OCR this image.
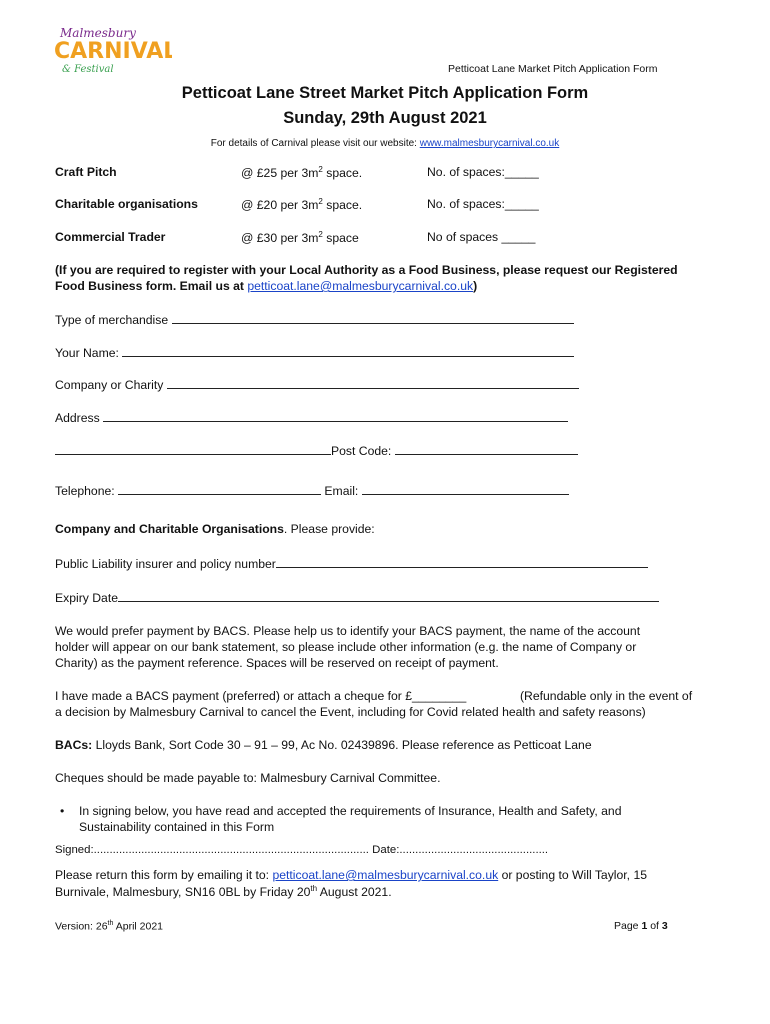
Malmesbury
CARNIVAL
& Festival	Petticoat Lane Market Pitch Application Form
Petticoat Lane Street Market Pitch Application Form
Sunday, 29th August 2021
For details of Carnival please visit our website: www.malmesburycarnival.co.uk
Craft Pitch	@ £25 per $3m^2$ space.	No. of spaces:_____
Charitable organisations	@ £20 per $3m^2$ space.	No. of spaces:_____
Commercial Trader	@ £30 per $3m^2$ space	No of spaces _____
(If you are required to register with your Local Authority as a Food Business, please request our Registered
Food Business form. Email us at petticoat.lane@malmesburycarnival.co.uk)
Type of merchandise
Your Name:
Company or Charity
Address
Post Code:
Telephone:	Email:
Company and Charitable Organisations. Please provide:
Public Liability insurer and policy number
Expiry Date
We would prefer payment by BACS. Please help us to identify your BACS payment, the name of the account
holder will appear on our bank statement, so please include other information (e.g. the name of Company or
Charity) as the payment reference. Spaces will be reserved on receipt of payment.
I have made a BACS payment (preferred) or attach a cheque for £________	(Refundable only in the event of
a decision by Malmesbury Carnival to cancel the Event, including for Covid related health and safety reasons)
BACs: Lloyds Bank, Sort Code 30 – 91 – 99, Ac No. 02439896. Please reference as Petticoat Lane
Cheques should be made payable to: Malmesbury Carnival Committee.
• In signing below, you have read and accepted the requirements of Insurance, Health and Safety, and
Sustainability contained in this Form
Signed:....................................................................................... Date:...............................................
Please return this form by emailing it to: petticoat.lane@malmesburycarnival.co.uk or posting to Will Taylor, 15
Burnivale, Malmesbury, SN16 0BL by Friday 20th August 2021.
Version: 26th April 2021	Page 1 of 3
